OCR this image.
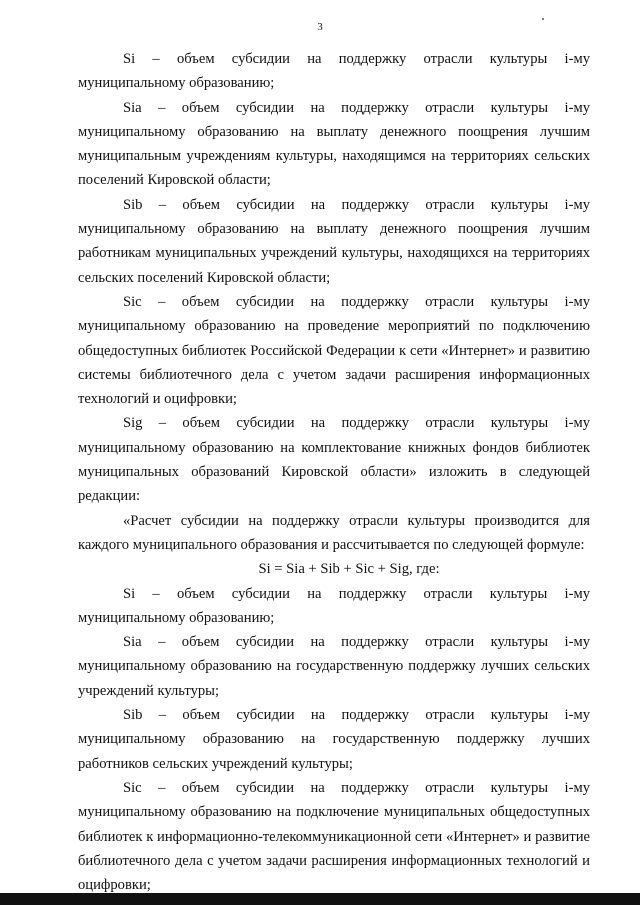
3

Si – объем субсидии на поддержку отрасли культуры i-му муниципальному образованию;

Sia – объем субсидии на поддержку отрасли культуры i-му муниципальному образованию на выплату денежного поощрения лучшим муниципальным учреждениям культуры, находящимся на территориях сельских поселений Кировской области;

Sib – объем субсидии на поддержку отрасли культуры i-му муниципальному образованию на выплату денежного поощрения лучшим работникам муниципальных учреждений культуры, находящихся на территориях сельских поселений Кировской области;

Sic – объем субсидии на поддержку отрасли культуры i-му муниципальному образованию на проведение мероприятий по подключению общедоступных библиотек Российской Федерации к сети «Интернет» и развитию системы библиотечного дела с учетом задачи расширения информационных технологий и оцифровки;

Sig – объем субсидии на поддержку отрасли культуры i-му муниципальному образованию на комплектование книжных фондов библиотек муниципальных образований Кировской области» изложить в следующей редакции:

«Расчет субсидии на поддержку отрасли культуры производится для каждого муниципального образования и рассчитывается по следующей формуле:

Si = Sia + Sib + Sic + Sig, где:

Si – объем субсидии на поддержку отрасли культуры i-му муниципальному образованию;

Sia – объем субсидии на поддержку отрасли культуры i-му муниципальному образованию на государственную поддержку лучших сельских учреждений культуры;

Sib – объем субсидии на поддержку отрасли культуры i-му муниципальному образованию на государственную поддержку лучших работников сельских учреждений культуры;

Sic – объем субсидии на поддержку отрасли культуры i-му муниципальному образованию на подключение муниципальных общедоступных библиотек к информационно-телекоммуникационной сети «Интернет» и развитие библиотечного дела с учетом задачи расширения информационных технологий и оцифровки;
